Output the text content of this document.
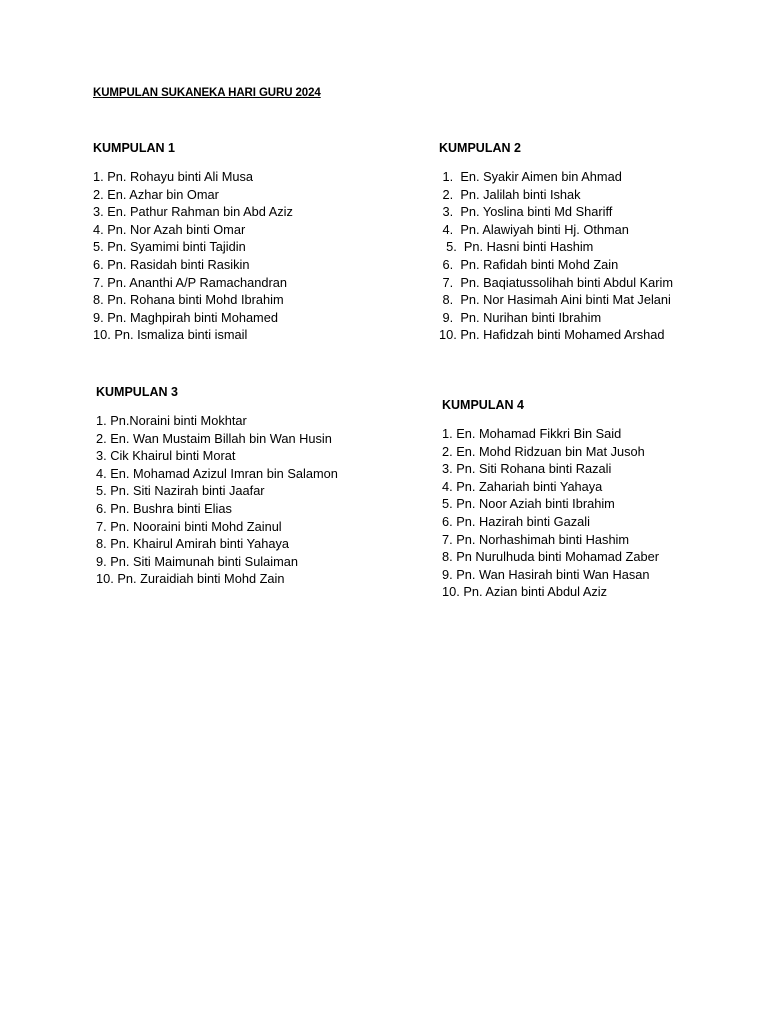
KUMPULAN SUKANEKA HARI GURU 2024
KUMPULAN 1
1. Pn. Rohayu binti Ali Musa
2. En. Azhar bin Omar
3. En. Pathur Rahman bin Abd Aziz
4. Pn. Nor Azah binti Omar
5. Pn. Syamimi binti Tajidin
6. Pn. Rasidah binti Rasikin
7. Pn. Ananthi A/P Ramachandran
8. Pn. Rohana binti Mohd Ibrahim
9. Pn. Maghpirah binti Mohamed
10. Pn. Ismaliza binti ismail
KUMPULAN 2
1.  En. Syakir Aimen bin Ahmad
2.  Pn. Jalilah binti Ishak
3.  Pn. Yoslina binti Md Shariff
4.  Pn. Alawiyah binti Hj. Othman
5.  Pn. Hasni binti Hashim
6.  Pn. Rafidah binti Mohd Zain
7.  Pn. Baqiatussolihah binti Abdul Karim
8.  Pn. Nor Hasimah Aini binti Mat Jelani
9.  Pn. Nurihan binti Ibrahim
10. Pn. Hafidzah binti Mohamed Arshad
KUMPULAN 3
1. Pn.Noraini binti Mokhtar
2. En. Wan Mustaim Billah bin Wan Husin
3. Cik Khairul binti Morat
4. En. Mohamad Azizul Imran bin Salamon
5. Pn. Siti Nazirah binti Jaafar
6. Pn. Bushra binti Elias
7. Pn. Nooraini binti Mohd Zainul
8. Pn. Khairul Amirah binti Yahaya
9. Pn. Siti Maimunah binti Sulaiman
10. Pn. Zuraidiah binti Mohd Zain
KUMPULAN 4
1. En. Mohamad Fikkri Bin Said
2. En. Mohd Ridzuan bin Mat Jusoh
3. Pn. Siti Rohana binti Razali
4. Pn. Zahariah binti Yahaya
5. Pn. Noor Aziah binti Ibrahim
6. Pn. Hazirah binti Gazali
7. Pn. Norhashimah binti Hashim
8. Pn Nurulhuda binti Mohamad Zaber
9. Pn. Wan Hasirah binti Wan Hasan
10. Pn. Azian binti Abdul Aziz
